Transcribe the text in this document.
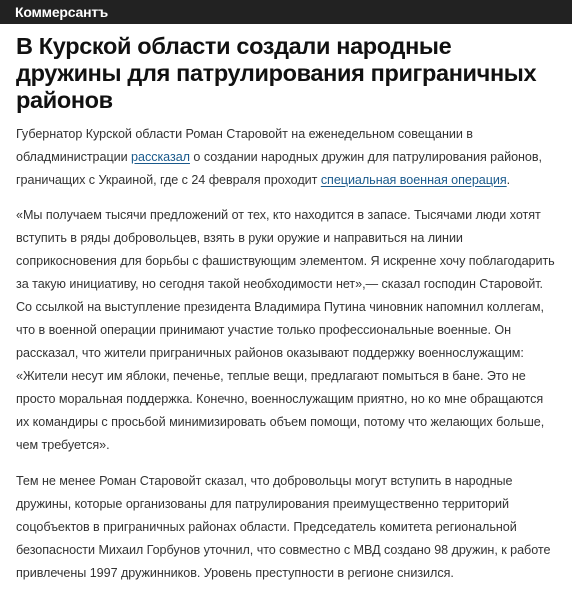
Коммерсантъ
В Курской области создали народные дружины для патрулирования приграничных районов

Губернатор Курской области Роман Старовойт на еженедельном совещании в обладминистрации рассказал о создании народных дружин для патрулирования районов, граничащих с Украиной, где с 24 февраля проходит специальная военная операция.

«Мы получаем тысячи предложений от тех, кто находится в запасе. Тысячами люди хотят вступить в ряды добровольцев, взять в руки оружие и направиться на линии соприкосновения для борьбы с фашиствующим элементом. Я искренне хочу поблагодарить за такую инициативу, но сегодня такой необходимости нет»,— сказал господин Старовойт. Со ссылкой на выступление президента Владимира Путина чиновник напомнил коллегам, что в военной операции принимают участие только профессиональные военные. Он рассказал, что жители приграничных районов оказывают поддержку военнослужащим: «Жители несут им яблоки, печенье, теплые вещи, предлагают помыться в бане. Это не просто моральная поддержка. Конечно, военнослужащим приятно, но ко мне обращаются их командиры с просьбой минимизировать объем помощи, потому что желающих больше, чем требуется».

Тем не менее Роман Старовойт сказал, что добровольцы могут вступить в народные дружины, которые организованы для патрулирования преимущественно территорий соцобъектов в приграничных районах области. Председатель комитета региональной безопасности Михаил Горбунов уточнил, что совместно с МВД создано 98 дружин, к работе привлечены 1997 дружинников. Уровень преступности в регионе снизился.
